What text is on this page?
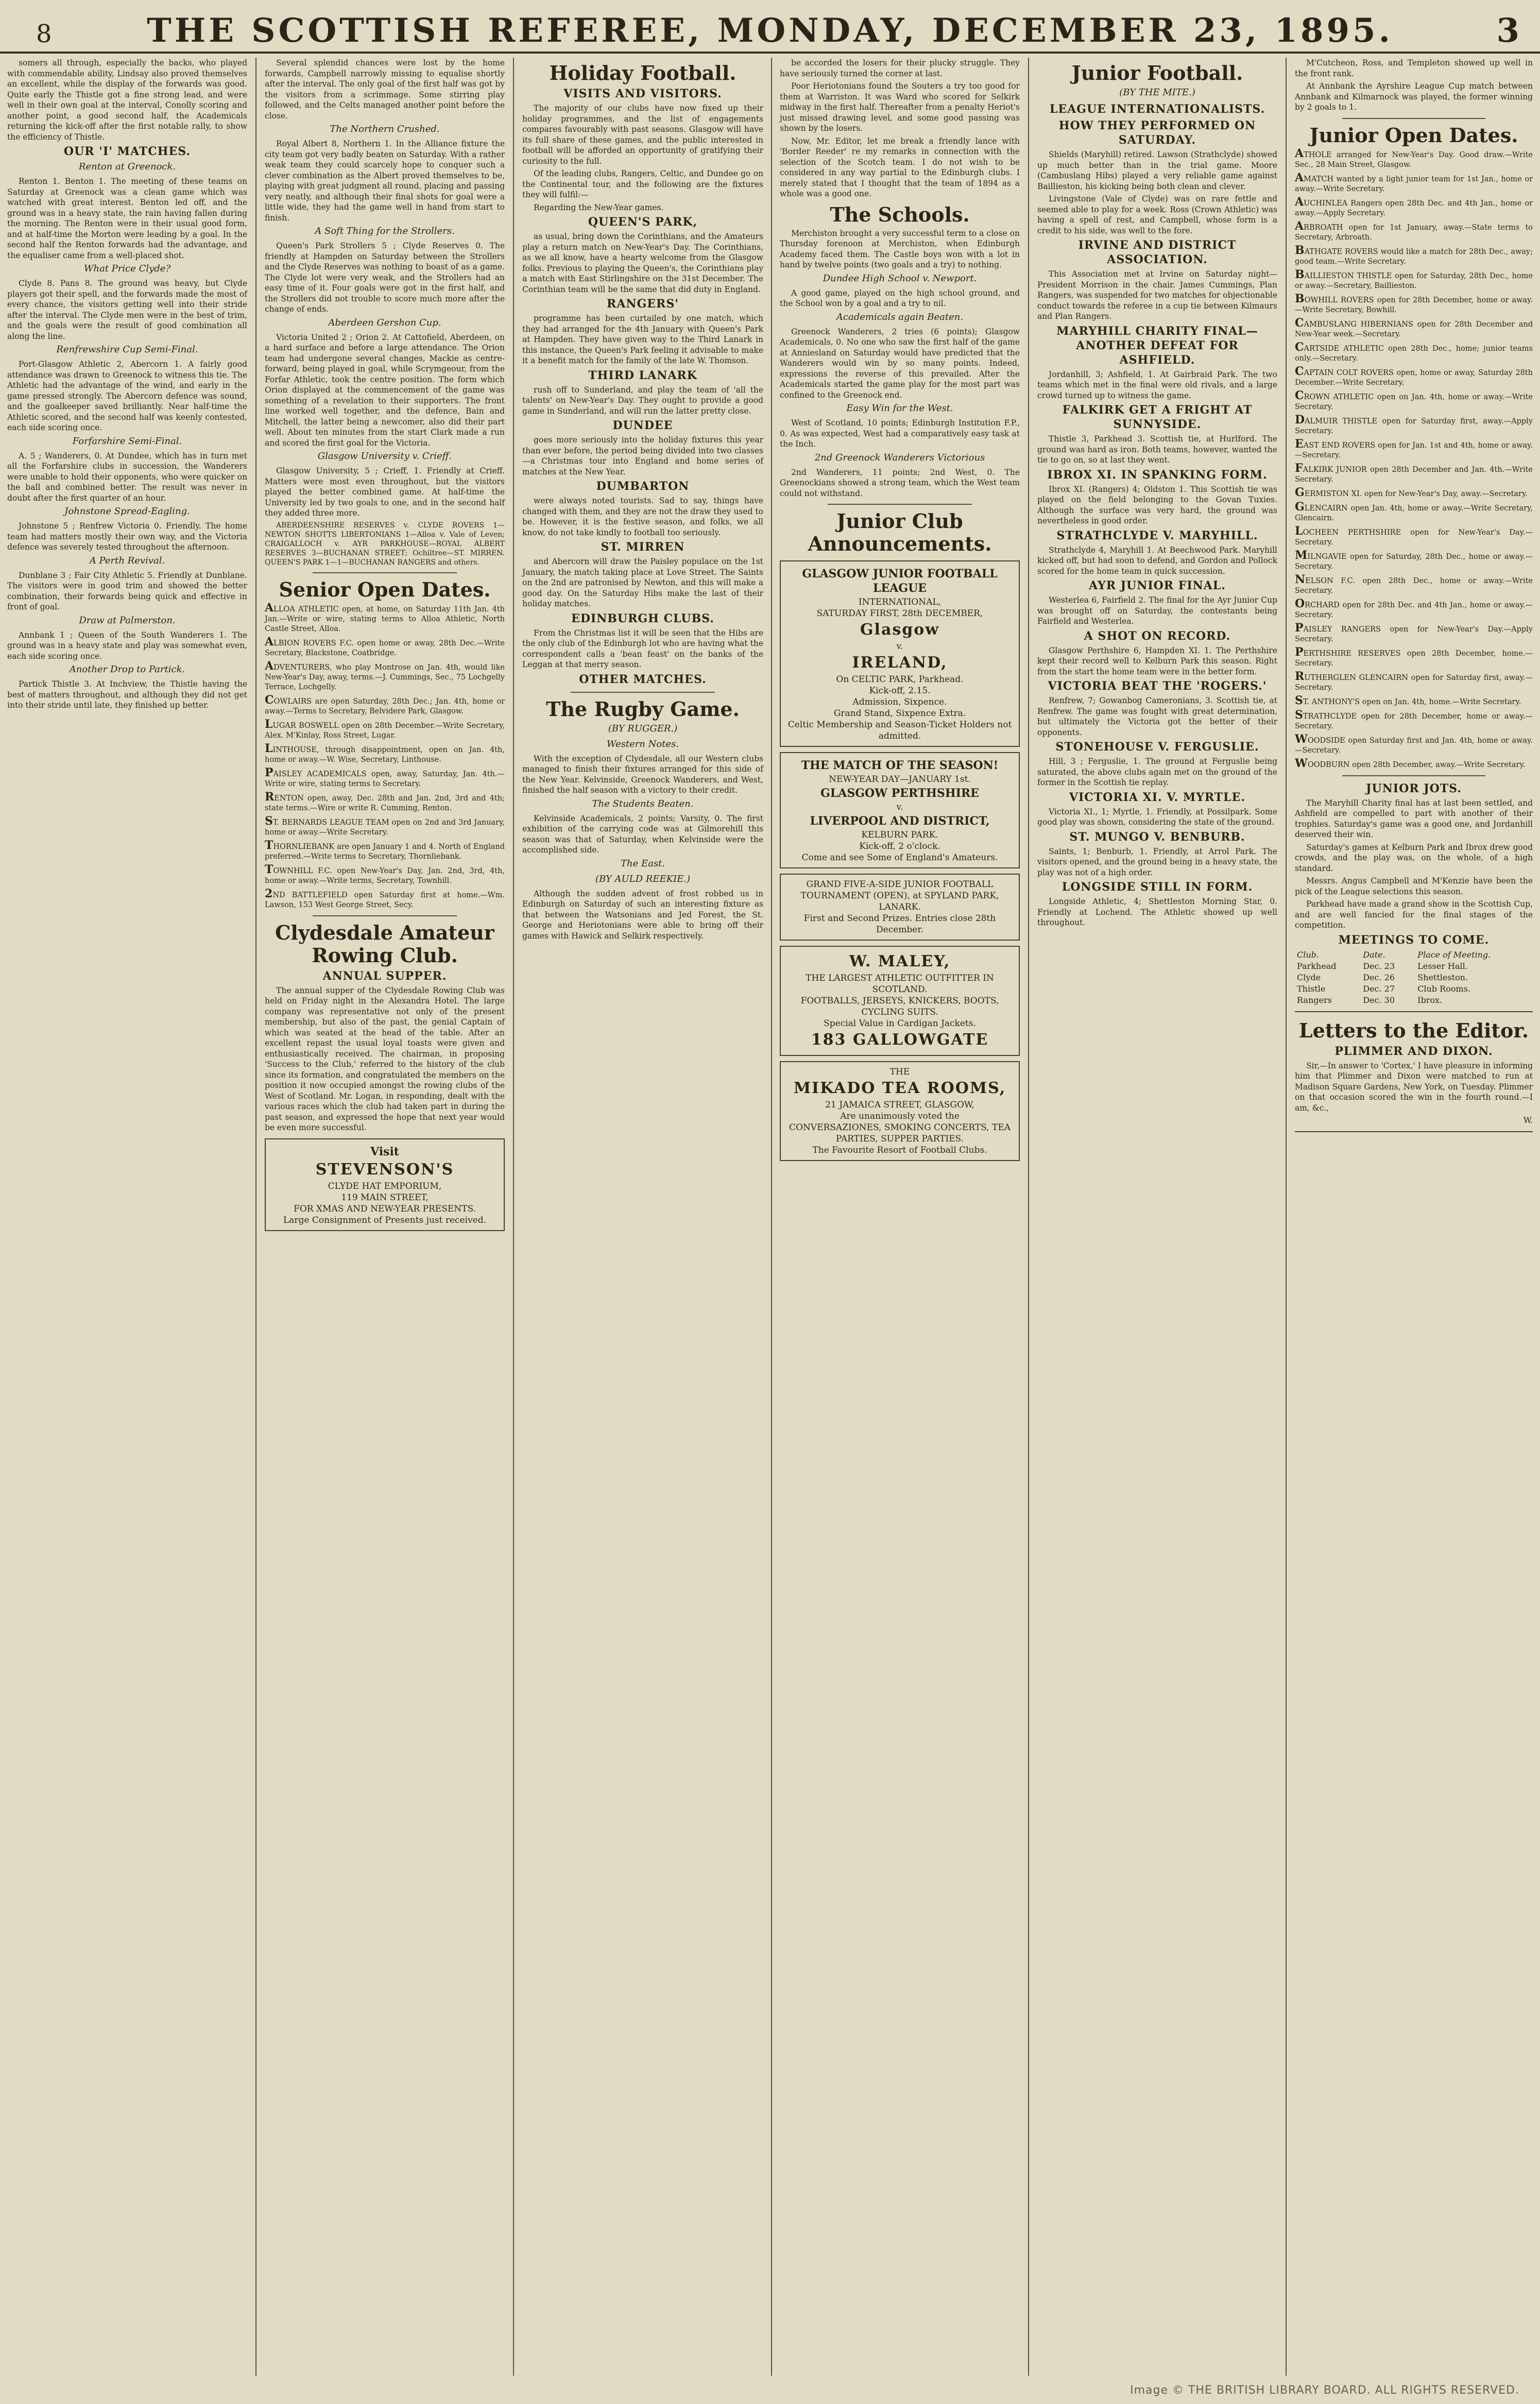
8	THE SCOTTISH REFEREE, MONDAY, DECEMBER 23, 1895.	3

somers all through, especially the backs, who played with commendable ability, Lindsay also proved themselves an excellent, while the display of the forwards was good. Quite early the Thistle got a fine strong lead, and were well in their own goal at the interval, Conolly scoring and another point, a good second half, the Academicals returning the kick-off after the first notable rally, to show the efficiency of Thistle.

OUR 'I' MATCHES.
Renton at Greenock.

Renton 1. Benton 1. The meeting of these teams on Saturday at Greenock was a clean game which was watched with great interest. Benton led off, and the ground was in a heavy state, the rain having fallen during the morning. The Renton were in their usual good form, and at half-time the Morton were leading by a goal. In the second half the Renton forwards had the advantage, and the equaliser came from a well-placed shot.

What Price Clyde?

Clyde 8. Pans 8. The ground was heavy, but Clyde players got their spell, and the forwards made the most of every chance, the visitors getting well into their stride after the interval. The Clyde men were in the best of trim, and the goals were the result of good combination all along the line.

Renfrewshire Cup Semi-Final.

Port-Glasgow Athletic 2, Abercorn 1. A fairly good attendance was drawn to Greenock to witness this tie. The Athletic had the advantage of the wind, and early in the game pressed strongly. The Abercorn defence was sound, and the goalkeeper saved brilliantly. Near half-time the Athletic scored, and the second half was keenly contested, each side scoring once.

Forfarshire Semi-Final.

A. 5 ; Wanderers, 0. At Dundee, which has in turn met all the Forfarshire clubs in succession, the Wanderers were unable to hold their opponents, who were quicker on the ball and combined better. The result was never in doubt after the first quarter of an hour.

Johnstone Spread-Eagling.

Johnstone 5 ; Renfrew Victoria 0. Friendly. The home team had matters mostly their own way, and the Victoria defence was severely tested throughout the afternoon.

A Perth Revival.

Dunblane 3 ; Fair City Athletic 5. Friendly at Dunblane. The visitors were in good trim and showed the better combination, their forwards being quick and effective in front of goal.

Draw at Palmerston.

Annbank 1 ; Queen of the South Wanderers 1. The ground was in a heavy state and play was somewhat even, each side scoring once.

Another Drop to Partick.

Partick Thistle 3. At Inchview, the Thistle having the best of matters throughout, and although they did not get into their stride until late, they finished up better.

Several splendid chances were lost by the home forwards, Campbell narrowly missing to equalise shortly after the interval. The only goal of the first half was got by the visitors from a scrimmage. Some stirring play followed, and the Celts managed another point before the close.

The Northern Crushed.

Royal Albert 8, Northern 1. In the Alliance fixture the city team got very badly beaten on Saturday. With a rather weak team they could scarcely hope to conquer such a clever combination as the Albert proved themselves to be, playing with great judgment all round, placing and passing very neatly, and although their final shots for goal were a little wide, they had the game well in hand from start to finish.

A Soft Thing for the Strollers.

Queen's Park Strollers 5 ; Clyde Reserves 0. The friendly at Hampden on Saturday between the Strollers and the Clyde Reserves was nothing to boast of as a game. The Clyde lot were very weak, and the Strollers had an easy time of it. Four goals were got in the first half, and the Strollers did not trouble to score much more after the change of ends.

Aberdeen Gershon Cup.

Victoria United 2 ; Orion 2. At Cattofield, Aberdeen, on a hard surface and before a large attendance. The Orion team had undergone several changes, Mackie as centre-forward, being played in goal, while Scrymgeour, from the Forfar Athletic, took the centre position. The form which Orion displayed at the commencement of the game was something of a revelation to their supporters. The front line worked well together, and the defence, Bain and Mitchell, the latter being a newcomer, also did their part well. About ten minutes from the start Clark made a run and scored the first goal for the Victoria.

Glasgow University v. Crieff.

Glasgow University, 5 ; Crieff, 1. Friendly at Crieff. Matters were most even throughout, but the visitors played the better combined game. At half-time the University led by two goals to one, and in the second half they added three more.

ABERDEENSHIRE RESERVES v. CLYDE ROVERS 1—NEWTON SHOTTS LIBERTONIANS 1—Alloa v. Vale of Leven; CRAIGALLOCH v. AYR PARKHOUSE—ROYAL ALBERT RESERVES 3—BUCHANAN STREET; Ochiltree—ST. MIRREN. QUEEN'S PARK 1—1—BUCHANAN RANGERS and others.

Senior Open Dates.

ALLOA ATHLETIC open, at home, on Saturday 11th Jan. 4th Jan.—Write or wire, stating terms to Alloa Athletic, North Castle Street, Alloa.

ALBION ROVERS F.C. open home or away, 28th Dec.—Write Secretary, Blackstone, Coatbridge.

ADVENTURERS, who play Montrose on Jan. 4th, would like New-Year's Day, away, terms.—J. Cummings, Sec., 75 Lochgelly Terrace, Lochgelly.

COWLAIRS are open Saturday, 28th Dec.; Jan. 4th, home or away.—Terms to Secretary, Belvidere Park, Glasgow.

LUGAR BOSWELL open on 28th December.—Write Secretary, Alex. M'Kinlay, Ross Street, Lugar.

LINTHOUSE, through disappointment, open on Jan. 4th, home or away.—W. Wise, Secretary, Linthouse.

PAISLEY ACADEMICALS open, away, Saturday, Jan. 4th.—Write or wire, stating terms to Secretary.

RENTON open, away, Dec. 28th and Jan. 2nd, 3rd and 4th; state terms.—Wire or write R. Cumming, Renton.

ST. BERNARDS LEAGUE TEAM open on 2nd and 3rd January, home or away.—Write Secretary.

THORNLIEBANK are open January 1 and 4. North of England preferred.—Write terms to Secretary, Thornliebank.

TOWNHILL F.C. open New-Year's Day, Jan. 2nd, 3rd, 4th, home or away.—Write terms, Secretary, Townhill.

2ND BATTLEFIELD open Saturday first at home.—Wm. Lawson, 153 West George Street, Secy.

Clydesdale Amateur Rowing Club.
ANNUAL SUPPER.

The annual supper of the Clydesdale Rowing Club was held on Friday night in the Alexandra Hotel. The large company was representative not only of the present membership, but also of the past, the genial Captain of which was seated at the head of the table. After an excellent repast the usual loyal toasts were given and enthusiastically received. The chairman, in proposing 'Success to the Club,' referred to the history of the club since its formation, and congratulated the members on the position it now occupied amongst the rowing clubs of the West of Scotland. Mr. Logan, in responding, dealt with the various races which the club had taken part in during the past season, and expressed the hope that next year would be even more successful.

Visit

STEVENSON'S

CLYDE HAT EMPORIUM,

119 MAIN STREET,

FOR XMAS AND NEW-YEAR PRESENTS.

Large Consignment of Presents just received.

Holiday Football.
VISITS AND VISITORS.

The majority of our clubs have now fixed up their holiday programmes, and the list of engagements compares favourably with past seasons. Glasgow will have its full share of these games, and the public interested in football will be afforded an opportunity of gratifying their curiosity to the full.

Of the leading clubs, Rangers, Celtic, and Dundee go on the Continental tour, and the following are the fixtures they will fulfil:—

Regarding the New-Year games.

QUEEN'S PARK,

as usual, bring down the Corinthians, and the Amateurs play a return match on New-Year's Day. The Corinthians, as we all know, have a hearty welcome from the Glasgow folks. Previous to playing the Queen's, the Corinthians play a match with East Stirlingshire on the 31st December. The Corinthian team will be the same that did duty in England.

RANGERS'

programme has been curtailed by one match, which they had arranged for the 4th January with Queen's Park at Hampden. They have given way to the Third Lanark in this instance, the Queen's Park feeling it advisable to make it a benefit match for the family of the late W. Thomson.

THIRD LANARK

rush off to Sunderland, and play the team of 'all the talents' on New-Year's Day. They ought to provide a good game in Sunderland, and will run the latter pretty close.

DUNDEE

goes more seriously into the holiday fixtures this year than ever before, the period being divided into two classes—a Christmas tour into England and home series of matches at the New Year.

DUMBARTON

were always noted tourists. Sad to say, things have changed with them, and they are not the draw they used to be. However, it is the festive season, and folks, we all know, do not take kindly to football too seriously.

ST. MIRREN

and Abercorn will draw the Paisley populace on the 1st January, the match taking place at Love Street. The Saints on the 2nd are patronised by Newton, and this will make a good day. On the Saturday Hibs make the last of their holiday matches.

EDINBURGH CLUBS.

From the Christmas list it will be seen that the Hibs are the only club of the Edinburgh lot who are having what the correspondent calls a 'bean feast' on the banks of the Leggan at that merry season.

OTHER MATCHES.
The Rugby Game.
(BY RUGGER.)
Western Notes.

With the exception of Clydesdale, all our Western clubs managed to finish their fixtures arranged for this side of the New Year. Kelvinside, Greenock Wanderers, and West, finished the half season with a victory to their credit.

The Students Beaten.

Kelvinside Academicals, 2 points; Varsity, 0. The first exhibition of the carrying code was at Gilmorehill this season was that of Saturday, when Kelvinside were the accomplished side.

The East.
(BY AULD REEKIE.)

Although the sudden advent of frost robbed us in Edinburgh on Saturday of such an interesting fixture as that between the Watsonians and Jed Forest, the St. George and Heriotonians were able to bring off their games with Hawick and Selkirk respectively.

be accorded the losers for their plucky struggle. They have seriously turned the corner at last.

Poor Heriotonians found the Souters a try too good for them at Warriston. It was Ward who scored for Selkirk midway in the first half. Thereafter from a penalty Heriot's just missed drawing level, and some good passing was shown by the losers.

Now, Mr. Editor, let me break a friendly lance with 'Border Reeder' re my remarks in connection with the selection of the Scotch team. I do not wish to be considered in any way partial to the Edinburgh clubs. I merely stated that I thought that the team of 1894 as a whole was a good one.

The Schools.

Merchiston brought a very successful term to a close on Thursday forenoon at Merchiston, when Edinburgh Academy faced them. The Castle boys won with a lot in hand by twelve points (two goals and a try) to nothing.

Dundee High School v. Newport.

A good game, played on the high school ground, and the School won by a goal and a try to nil.

Academicals again Beaten.

Greenock Wanderers, 2 tries (6 points); Glasgow Academicals, 0. No one who saw the first half of the game at Anniesland on Saturday would have predicted that the Wanderers would win by so many points. Indeed, expressions the reverse of this prevailed. After the Academicals started the game play for the most part was confined to the Greenock end.

Easy Win for the West.

West of Scotland, 10 points; Edinburgh Institution F.P., 0. As was expected, West had a comparatively easy task at the Inch.

2nd Greenock Wanderers Victorious

2nd Wanderers, 11 points; 2nd West, 0. The Greenockians showed a strong team, which the West team could not withstand.

Junior Club Announcements.

GLASGOW JUNIOR FOOTBALL LEAGUE

INTERNATIONAL,

SATURDAY FIRST, 28th DECEMBER,

Glasgow

v.

IRELAND,

On CELTIC PARK, Parkhead.

Kick-off, 2.15.

Admission, Sixpence.

Grand Stand, Sixpence Extra.

Celtic Membership and Season-Ticket Holders not admitted.

THE MATCH OF THE SEASON!

NEW-YEAR DAY—JANUARY 1st.

GLASGOW PERTHSHIRE

v.

LIVERPOOL AND DISTRICT,

KELBURN PARK.

Kick-off, 2 o'clock.

Come and see Some of England's Amateurs.

GRAND FIVE-A-SIDE JUNIOR FOOTBALL TOURNAMENT (OPEN), at SPYLAND PARK, LANARK.

First and Second Prizes. Entries close 28th December.

W. MALEY,

THE LARGEST ATHLETIC OUTFITTER IN SCOTLAND.

FOOTBALLS, JERSEYS, KNICKERS, BOOTS, CYCLING SUITS.

Special Value in Cardigan Jackets.

183 GALLOWGATE

THE

MIKADO TEA ROOMS,

21 JAMAICA STREET, GLASGOW,

Are unanimously voted the

CONVERSAZIONES, SMOKING CONCERTS, TEA PARTIES, SUPPER PARTIES.

The Favourite Resort of Football Clubs.

Junior Football.
(BY THE MITE.)
LEAGUE INTERNATIONALISTS.
HOW THEY PERFORMED ON SATURDAY.

Shields (Maryhill) retired. Lawson (Strathclyde) showed up much better than in the trial game. Moore (Cambuslang Hibs) played a very reliable game against Baillieston, his kicking being both clean and clever.

Livingstone (Vale of Clyde) was on rare fettle and seemed able to play for a week. Ross (Crown Athletic) was having a spell of rest, and Campbell, whose form is a credit to his side, was well to the fore.

IRVINE AND DISTRICT ASSOCIATION.

This Association met at Irvine on Saturday night—President Morrison in the chair. James Cummings, Plan Rangers, was suspended for two matches for objectionable conduct towards the referee in a cup tie between Kilmaurs and Plan Rangers.

MARYHILL CHARITY FINAL—ANOTHER DEFEAT FOR ASHFIELD.

Jordanhill, 3; Ashfield, 1. At Gairbraid Park. The two teams which met in the final were old rivals, and a large crowd turned up to witness the game.

FALKIRK GET A FRIGHT AT SUNNYSIDE.

Thistle 3, Parkhead 3. Scottish tie, at Hurlford. The ground was hard as iron. Both teams, however, wanted the tie to go on, so at last they went.

IBROX XI. IN SPANKING FORM.

Ibrox XI. (Rangers) 4; Oldston 1. This Scottish tie was played on the field belonging to the Govan Tuxies. Although the surface was very hard, the ground was nevertheless in good order.

STRATHCLYDE V. MARYHILL.

Strathclyde 4, Maryhill 1. At Beechwood Park. Maryhill kicked off, but had soon to defend, and Gordon and Pollock scored for the home team in quick succession.

AYR JUNIOR FINAL.

Westerlea 6, Fairfield 2. The final for the Ayr Junior Cup was brought off on Saturday, the contestants being Fairfield and Westerlea.

A SHOT ON RECORD.

Glasgow Perthshire 6, Hampden XI. 1. The Perthshire kept their record well to Kelburn Park this season. Right from the start the home team were in the better form.

VICTORIA BEAT THE 'ROGERS.'

Renfrew, 7; Gowanbog Cameronians, 3. Scottish tie, at Renfrew. The game was fought with great determination, but ultimately the Victoria got the better of their opponents.

STONEHOUSE V. FERGUSLIE.

Hill, 3 ; Ferguslie, 1. The ground at Ferguslie being saturated, the above clubs again met on the ground of the former in the Scottish tie replay.

VICTORIA XI. V. MYRTLE.

Victoria XI., 1; Myrtle, 1. Friendly, at Possilpark. Some good play was shown, considering the state of the ground.

ST. MUNGO V. BENBURB.

Saints, 1; Benburb, 1. Friendly, at Arrol Park. The visitors opened, and the ground being in a heavy state, the play was not of a high order.

LONGSIDE STILL IN FORM.

Longside Athletic, 4; Shettleston Morning Star, 0. Friendly at Lochend. The Athletic showed up well throughout.

M'Cutcheon, Ross, and Templeton showed up well in the front rank.

At Annbank the Ayrshire League Cup match between Annbank and Kilmarnock was played, the former winning by 2 goals to 1.

Junior Open Dates.

ATHOLE arranged for New-Year's Day. Good draw.—Write Sec., 28 Main Street, Glasgow.

AMATCH wanted by a light junior team for 1st Jan., home or away.—Write Secretary.

AUCHINLEA Rangers open 28th Dec. and 4th Jan., home or away.—Apply Secretary.

ARBROATH open for 1st January, away.—State terms to Secretary, Arbroath.

BATHGATE ROVERS would like a match for 28th Dec., away; good team.—Write Secretary.

BAILLIESTON THISTLE open for Saturday, 28th Dec., home or away.—Secretary, Baillieston.

BOWHILL ROVERS open for 28th December, home or away.—Write Secretary, Bowhill.

CAMBUSLANG HIBERNIANS open for 28th December and New-Year week.—Secretary.

CARTSIDE ATHLETIC open 28th Dec., home; junior teams only.—Secretary.

CAPTAIN COLT ROVERS open, home or away, Saturday 28th December.—Write Secretary.

CROWN ATHLETIC open on Jan. 4th, home or away.—Write Secretary.

DALMUIR THISTLE open for Saturday first, away.—Apply Secretary.

EAST END ROVERS open for Jan. 1st and 4th, home or away.—Secretary.

FALKIRK JUNIOR open 28th December and Jan. 4th.—Write Secretary.

GERMISTON XI. open for New-Year's Day, away.—Secretary.

GLENCAIRN open Jan. 4th, home or away.—Write Secretary, Glencairn.

LOCHEEN PERTHSHIRE open for New-Year's Day.—Secretary.

MILNGAVIE open for Saturday, 28th Dec., home or away.—Secretary.

NELSON F.C. open 28th Dec., home or away.—Write Secretary.

ORCHARD open for 28th Dec. and 4th Jan., home or away.—Secretary.

PAISLEY RANGERS open for New-Year's Day.—Apply Secretary.

PERTHSHIRE RESERVES open 28th December, home.—Secretary.

RUTHERGLEN GLENCAIRN open for Saturday first, away.—Secretary.

ST. ANTHONY'S open on Jan. 4th, home.—Write Secretary.

STRATHCLYDE open for 28th December, home or away.—Secretary.

WOODSIDE open Saturday first and Jan. 4th, home or away.—Secretary.

WOODBURN open 28th December, away.—Write Secretary.

JUNIOR JOTS.

The Maryhill Charity final has at last been settled, and Ashfield are compelled to part with another of their trophies. Saturday's game was a good one, and Jordanhill deserved their win.

Saturday's games at Kelburn Park and Ibrox drew good crowds, and the play was, on the whole, of a high standard.

Messrs. Angus Campbell and M'Kenzie have been the pick of the League selections this season.

Parkhead have made a grand show in the Scottish Cup, and are well fancied for the final stages of the competition.

MEETINGS TO COME.
Club.	Date.	Place of Meeting.
Parkhead	Dec. 23	Lesser Hall.
Clyde	Dec. 26	Shettleston.
Thistle	Dec. 27	Club Rooms.
Rangers	Dec. 30	Ibrox.
Letters to the Editor.
PLIMMER AND DIXON.

Sir,—In answer to 'Cortex,' I have pleasure in informing him that Plimmer and Dixon were matched to run at Madison Square Gardens, New York, on Tuesday. Plimmer on that occasion scored the win in the fourth round.—I am, &c.,

W.

Image © THE BRITISH LIBRARY BOARD. ALL RIGHTS RESERVED.
